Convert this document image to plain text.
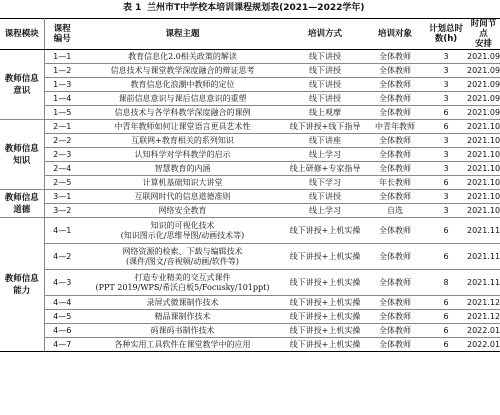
表 1 兰州市T中学校本培训课程规划表(2021—2022学年)
课程模块	课程
编号	课程主题	培训方式	培训对象	计划总时
数(h)	时间节点
安排
教师信息
意识	1—1	教育信息化2.0相关政策的解读	线下讲授	全体教师	3	2021.09
	1—2	信息技术与课堂教学深度融合的辩证思考	线下讲授	全体教师	3	2021.09
	1—3	教育信息化浪潮中教师的定位	线下讲授	全体教师	3	2021.09
	1—4	课前信息意识与课后信息意识的重塑	线下讲授	全体教师	3	2021.09
	1—5	信息技术与各学科教学深度融合的课例	线上观摩	全体教师	6	2021.09
教师信息
知识	2—1	中青年教师如何让课堂语言更具艺术性	线下讲授+线下指导	中青年教师	6	2021.10
	2—2	互联网+教育相关的系列知识	线下讲座	全体教师	3	2021.10
	2—3	认知科学对学科教学的启示	线上学习	全体教师	3	2021.10
	2—4	智慧教育的内涵	线上研修+专家指导	全体教师	3	2021.10
	2—5	计算机基础知识大讲堂	线下学习	年长教师	6	2021.10
教师信息
道德	3—1	互联网时代的信息道德准则	线下讲授	全体教师	3	2021.10
	3—2	网络安全教育	线上学习	自选	3	2021.10
教师信息
能力	4—1	知识的可视化技术
(知识图示化/思维导图/动画技术等)	线下讲授+上机实操	全体教师	6	2021.11
	4—2	网络资源的检索、下载与编辑技术
(课件/图文/音视频/动画/软件等)	线下讲授+上机实操	全体教师	6	2021.11
	4—3	打造专业精美的交互式课件
(PPT 2019/WPS/希沃白板5/Focusky/101ppt)	线下讲授+上机实操	全体教师	8	2021.11
	4—4	录屏式微课制作技术	线下讲授+上机实操	全体教师	6	2021.12
	4—5	精品课制作技术	线下讲授+上机实操	全体教师	6	2021.12
	4—6	码课码书制作技术	线下讲授+上机实操	全体教师	6	2022.01
	4—7	各种实用工具软件在课堂教学中的应用	线下讲授+上机实操	全体教师	6	2022.01
